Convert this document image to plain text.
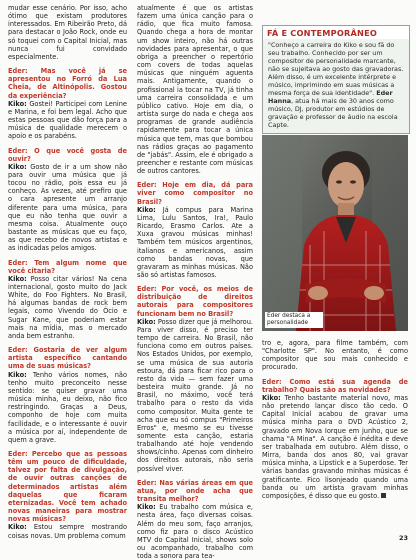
mudar esse cenário. Por isso, acho ótimo que existam produtores interessados. Em Ribeirão Preto, dá para destacar o João Rock, onde eu só toquei com o Capital Inicial, mas nunca fui convidado especialmente.

Eder: Mas você já se apresentou no Forró da Lua Cheia, de Altinópolis. Gostou da experiência?
Kiko: Gostei! Participei com Lenine e Marina, e foi bem legal. Acho que estas pessoas que dão força para a música de qualidade merecem o apoio e os parabéns.

Eder: O que você gosta de ouvir?
Kiko: Gosto de ir a um show não para ouvir uma música que já tocou no rádio, pois essa eu já conheço. Às vezes, até prefiro que o cara apresente um arranjo diferente para uma música, para que eu não tenha que ouvir a mesma coisa. Atualmente ouço bastante as músicas que eu faço, as que recebo de novos artistas e as indicadas pelos amigos.

Eder: Tem algum nome que você citaria?
Kiko: Posso citar vários! Na cena internacional, gosto muito do Jack White, do Foo Fighters. No Brasil, há algumas bandas de rock bem legais, como Vivendo do Ócio e Sugar Kane, que poderiam estar mais na mídia, mas o mercado anda bem estranho.

Eder: Gostaria de ver algum artista específico cantando uma de suas músicas?
Kiko: Tenho vários nomes, não tenho muito preconceito nesse sentido: se quiser gravar uma música minha, eu deixo, não fico restringindo. Graças a Deus, componho de hoje com muita facilidade, e o interessante é ouvir a música por aí, independente de quem a grave.

Eder: Percebo que as pessoas têm um pouco de dificuldade, talvez por falta de divulgação, de ouvir outras canções de determinados artistas além daquelas que ficaram eternizadas. Você tem achado novas maneiras para mostrar novas músicas?
Kiko: Estou sempre mostrando coisas novas. Um problema comum

atualmente é que os artistas fazem uma única canção para o rádio, que fica muito famosa. Quando chega a hora de montar um show inteiro, não há outras novidades para apresentar, o que obriga a preencher o repertório com covers de todas aquelas músicas que ninguém aguenta mais. Antigamente, quando o profissional ia tocar na TV, já tinha uma carreira consolidada e um público cativo. Hoje em dia, o artista surge do nada e chega aos programas de grande audiência rapidamente para tocar a única música que tem, mas que bombou nas rádios graças ao pagamento de "jabás". Assim, ele é obrigado a preencher e restante com músicas de outros cantores.

Eder: Hoje em dia, dá para viver como compositor no Brasil?
Kiko: Já compus para Marina Lima, Lulu Santos, Ira!, Paulo Ricardo, Erasmo Carlos. Ate a Xuxa gravou músicas minhas! Também tem músicos argentinos, italianos e americanos, assim como bandas novas, que gravaram as minhas músicas. Não são só artistas famosos.

Eder: Por você, os meios de distribuição de direitos autorais para compositores funcionam bem no Brasil?
Kiko: Posso dizer que já melhorou. Para viver disso, é preciso ter tempo de carreira. No Brasil, não funciona como em outros países. Nos Estados Unidos, por exemplo, se uma música de sua autoria estoura, dá para ficar rico para o resto da vida — sem fazer uma besteira muito grande. Já no Brasil, no máximo, você terá trabalho para o resto da vida como compositor. Muita gente te acha que eu só compus "Primeiros Erros" e, mesmo se eu tivesse somente esta canção, estaria trabalhando até hoje vendendo shows/cinho. Apenas com dinheiro dos direitos autorais, não seria possível viver.

Eder: Nas várias áreas em que atua, por onde acha que transita melhor?
Kiko: Eu trabalho com música e, nesta área, faço diversas coisas. Além do meu som, faço arranjos, como fiz para o disco Acústico MTV do Capital Inicial, shows solo ou acompanhado, trabalho com toda a sonora para tea-

FÁ E CONTEMPORÂNEO
"Conheço a carreira do Kiko e sou fã do seu trabalho. Conhecido por ser um compositor de personalidade marcante, não se sujeitava ao gosto das gravadoras. Além disso, é um excelente intérprete e músico, imprimindo em suas músicas a mesma força de sua identidade". Eder Hanna, atua há mais de 30 anos como músico, DJ, produtor em estúdios de gravação e professor de áudio na escola Capte.
Eder destaca a personalidade

tro e, agora, para filme também, com "Charlotte SP". No entanto, é como compositor que sou mais conhecido e procurado.

Eder: Como está sua agenda de trabalho? Quais são as novidades?
Kiko: Tenho bastante material novo, mas não pretendo lançar disco tão cedo. O Capital Inicial acabou de gravar uma música minha para o DVD Acústico 2, gravado em Nova Iorque em junho, que se chama "A Mina". A canção é inédita e deve ser trabalhada em outubro. Além disso, o Mirra, banda dos anos 80, vai gravar música minha, a Lipstick e a Superdose. Ter várias bandas gravando minhas músicas é gratificante. Fico lisonjeado quando uma banda ou um artista gravam minhas composições, é disso que eu gosto.

23
